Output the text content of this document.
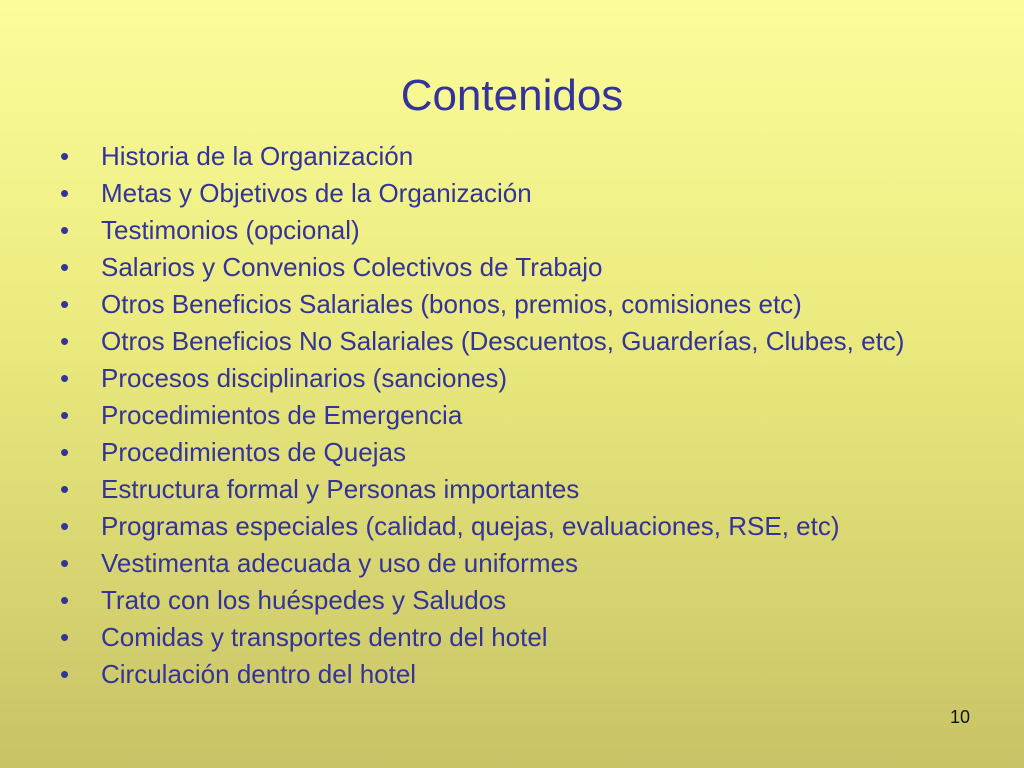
Contenidos
•	Historia de la Organización
•	Metas y Objetivos de la Organización
•	Testimonios (opcional)
•	Salarios y Convenios Colectivos de Trabajo
•	Otros Beneficios Salariales (bonos, premios, comisiones etc)
•	Otros Beneficios No Salariales (Descuentos, Guarderías, Clubes, etc)
•	Procesos disciplinarios (sanciones)
•	Procedimientos de Emergencia
•	Procedimientos de Quejas
•	Estructura formal y Personas importantes
•	Programas especiales (calidad, quejas, evaluaciones, RSE, etc)
•	Vestimenta adecuada y uso de uniformes
•	Trato con los huéspedes y Saludos
•	Comidas y transportes dentro del hotel
•	Circulación dentro del hotel
10
